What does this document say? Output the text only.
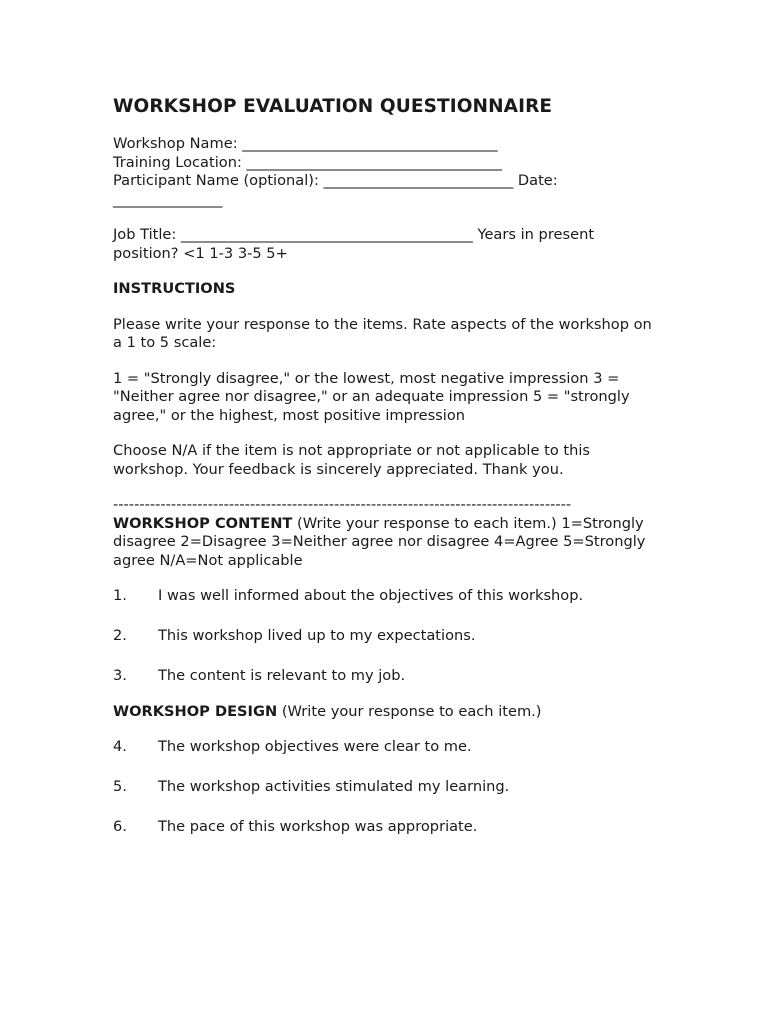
WORKSHOP EVALUATION QUESTIONNAIRE

Workshop Name: ___________________________________

Training Location: ___________________________________

Participant Name (optional): __________________________ Date:

_______________

Job Title: ________________________________________ Years in present position? <1 1-3 3-5 5+

INSTRUCTIONS

Please write your response to the items. Rate aspects of the workshop on a 1 to 5 scale:

1 = "Strongly disagree," or the lowest, most negative impression 3 = "Neither agree nor disagree," or an adequate impression 5 = "strongly agree," or the highest, most positive impression

Choose N/A if the item is not appropriate or not applicable to this workshop. Your feedback is sincerely appreciated. Thank you.

---------------------------------------------------------------------------------------

WORKSHOP CONTENT (Write your response to each item.) 1=Strongly disagree 2=Disagree 3=Neither agree nor disagree 4=Agree 5=Strongly agree N/A=Not applicable

1.	I was well informed about the objectives of this workshop.
2.	This workshop lived up to my expectations.
3.	The content is relevant to my job.

WORKSHOP DESIGN (Write your response to each item.)

4.	The workshop objectives were clear to me.
5.	The workshop activities stimulated my learning.
6.	The pace of this workshop was appropriate.
